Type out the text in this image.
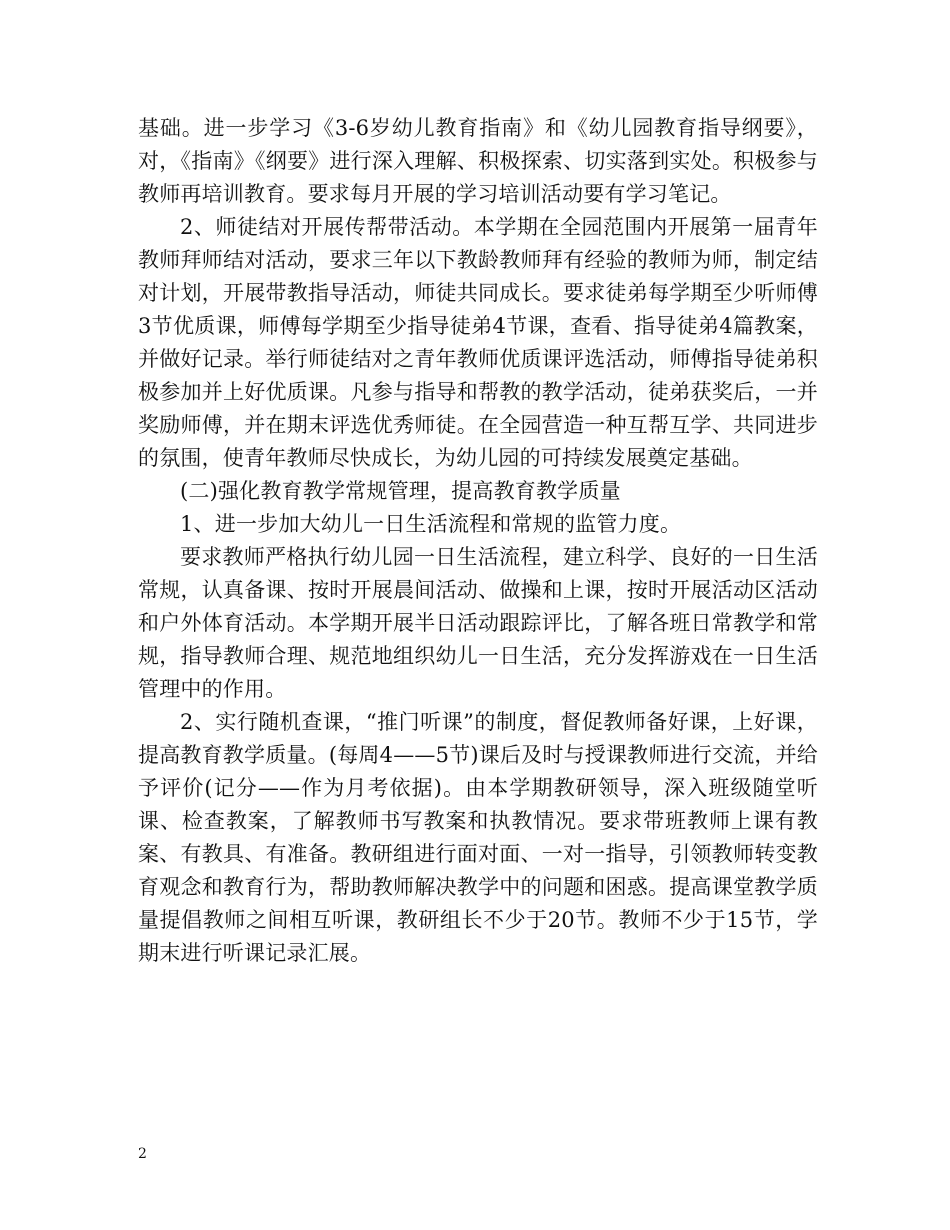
基础。进一步学习《3-6岁幼儿教育指南》和《幼儿园教育指导纲要》，对，《指南》《纲要》进行深入理解、积极探索、切实落到实处。积极参与教师再培训教育。要求每月开展的学习培训活动要有学习笔记。

2、师徒结对开展传帮带活动。本学期在全园范围内开展第一届青年教师拜师结对活动，要求三年以下教龄教师拜有经验的教师为师，制定结对计划，开展带教指导活动，师徒共同成长。要求徒弟每学期至少听师傅3节优质课，师傅每学期至少指导徒弟4节课，查看、指导徒弟4篇教案，并做好记录。举行师徒结对之青年教师优质课评选活动，师傅指导徒弟积极参加并上好优质课。凡参与指导和帮教的教学活动，徒弟获奖后，一并奖励师傅，并在期末评选优秀师徒。在全园营造一种互帮互学、共同进步的氛围，使青年教师尽快成长，为幼儿园的可持续发展奠定基础。

(二)强化教育教学常规管理，提高教育教学质量

1、进一步加大幼儿一日生活流程和常规的监管力度。

要求教师严格执行幼儿园一日生活流程，建立科学、良好的一日生活常规，认真备课、按时开展晨间活动、做操和上课，按时开展活动区活动和户外体育活动。本学期开展半日活动跟踪评比，了解各班日常教学和常规，指导教师合理、规范地组织幼儿一日生活，充分发挥游戏在一日生活管理中的作用。

2、实行随机查课，“推门听课”的制度，督促教师备好课，上好课，提高教育教学质量。(每周4——5节)课后及时与授课教师进行交流，并给予评价(记分——作为月考依据)。由本学期教研领导，深入班级随堂听课、检查教案，了解教师书写教案和执教情况。要求带班教师上课有教案、有教具、有准备。教研组进行面对面、一对一指导，引领教师转变教育观念和教育行为，帮助教师解决教学中的问题和困惑。提高课堂教学质量提倡教师之间相互听课，教研组长不少于20节。教师不少于15节，学期末进行听课记录汇展。

2
